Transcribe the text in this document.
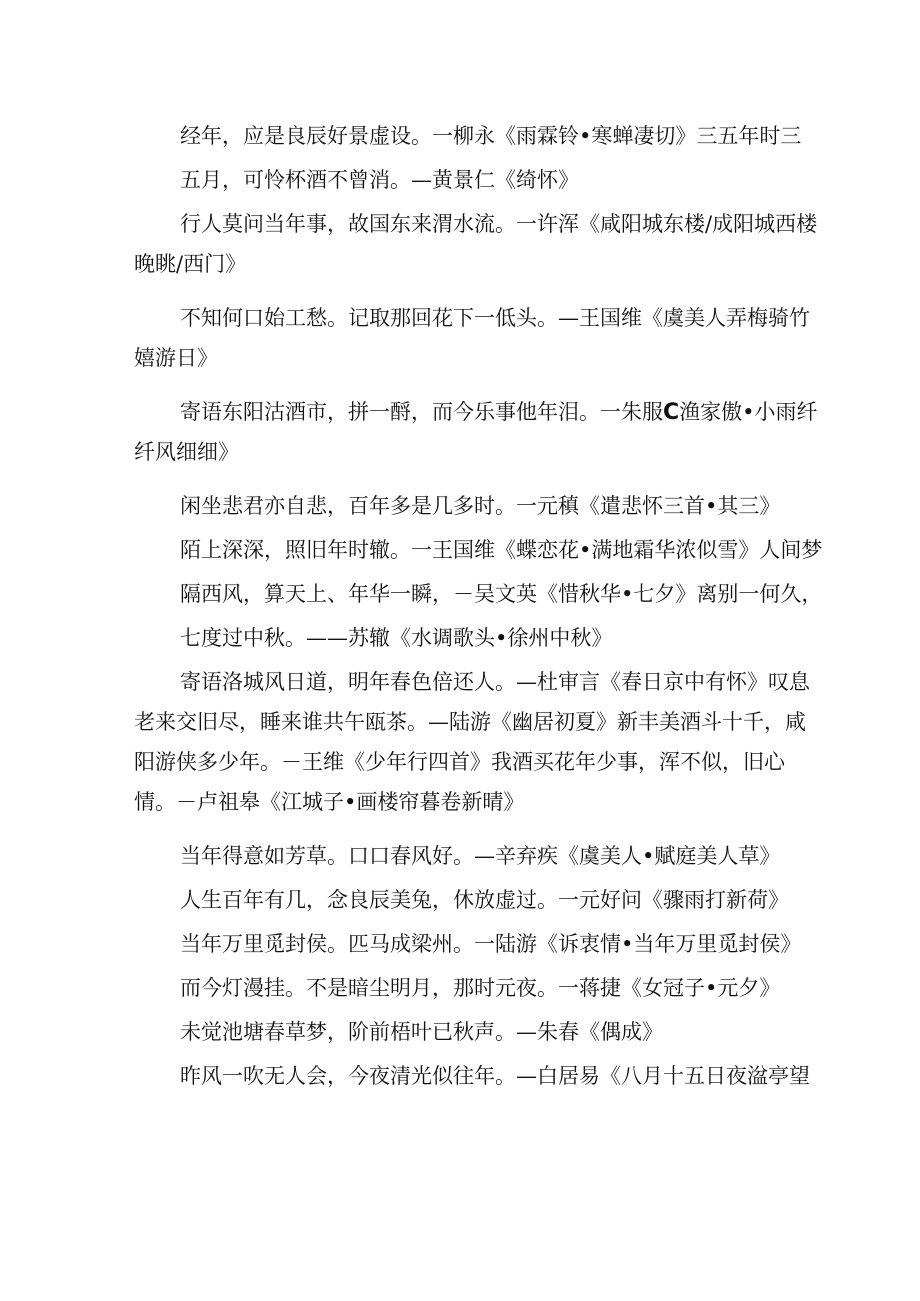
经年，应是良辰好景虚设。一柳永《雨霖铃•寒蝉凄切》三五年时三
五月，可怜杯酒不曾消。—黄景仁《绮怀》
行人莫问当年事，故国东来渭水流。一许浑《咸阳城东楼/成阳城西楼
晚眺/西门》
不知何口始工愁。记取那回花下一低头。—王国维《虞美人弄梅骑竹
嬉游日》
寄语东阳沽酒市，拼一酹，而今乐事他年泪。一朱服C渔家傲•小雨纤
纤风细细》
闲坐悲君亦自悲，百年多是几多时。一元稹《遣悲怀三首•其三》
陌上深深，照旧年时辙。一王国维《蝶恋花•满地霜华浓似雪》人间梦
隔西风，算天上、年华一瞬，－吴文英《惜秋华•七夕》离别一何久，
七度过中秋。——苏辙《水调歌头•徐州中秋》
寄语洛城风日道，明年春色倍还人。—杜审言《春日京中有怀》叹息
老来交旧尽，睡来谁共午瓯茶。—陆游《幽居初夏》新丰美酒斗十千，咸
阳游侠多少年。－王维《少年行四首》我酒买花年少事，浑不似，旧心
情。－卢祖皋《江城子•画楼帘暮卷新晴》
当年得意如芳草。口口春风好。—辛弃疾《虞美人•赋庭美人草》
人生百年有几，念良辰美兔，休放虚过。一元好问《骤雨打新荷》
当年万里觅封侯。匹马成梁州。一陆游《诉衷情•当年万里觅封侯》
而今灯漫挂。不是暗尘明月，那时元夜。一蒋捷《女冠子•元夕》
未觉池塘春草梦，阶前梧叶已秋声。—朱春《偶成》
昨风一吹无人会，今夜清光似往年。—白居易《八月十五日夜湓亭望
